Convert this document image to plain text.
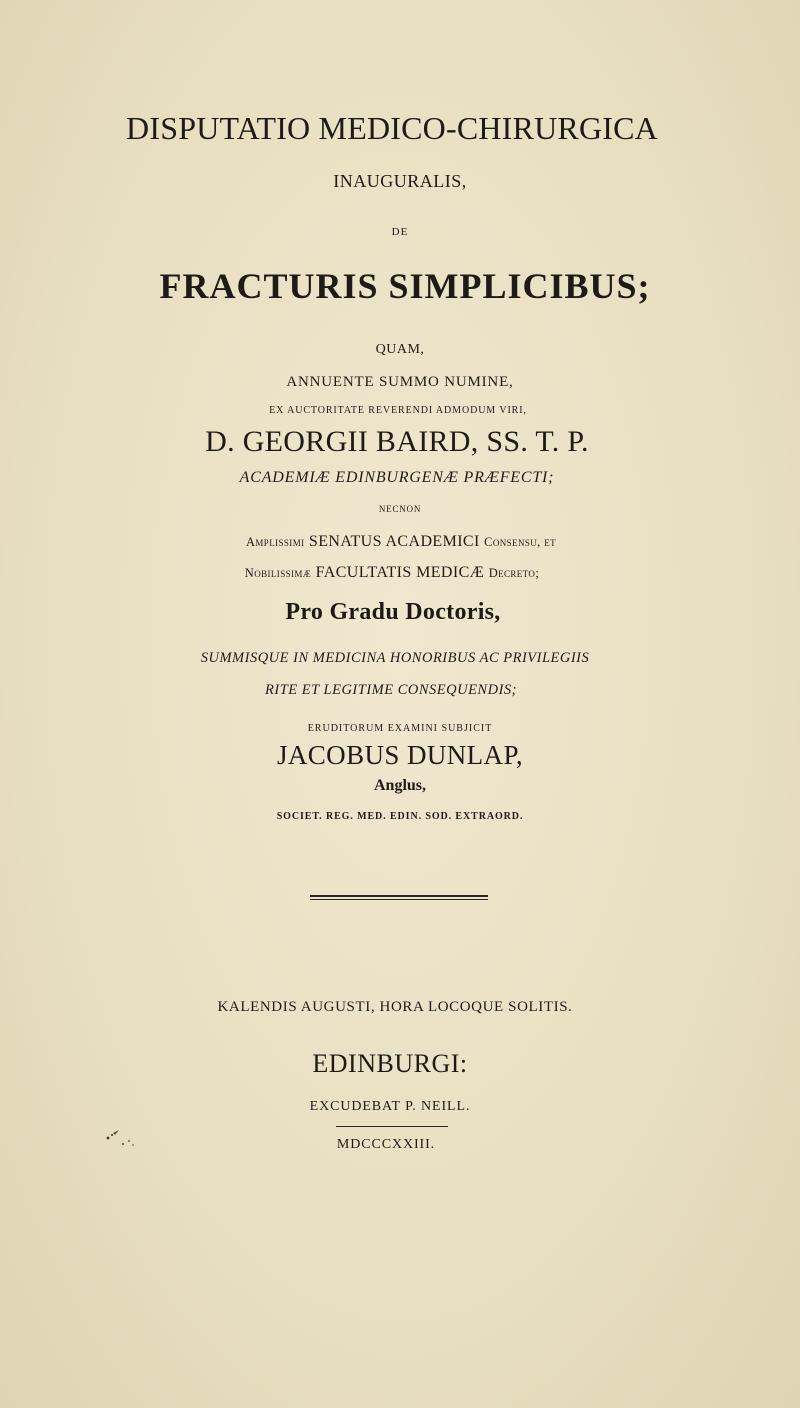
DISPUTATIO MEDICO-CHIRURGICA
INAUGURALIS,
DE
FRACTURIS SIMPLICIBUS;
QUAM,
ANNUENTE SUMMO NUMINE,
EX AUCTORITATE REVERENDI ADMODUM VIRI,
D. GEORGII BAIRD, SS. T. P.
ACADEMIÆ EDINBURGENÆ PRÆFECTI;
NECNON
Amplissimi SENATUS ACADEMICI Consensu, et
Nobilissimæ FACULTATIS MEDICÆ Decreto;
Pro Gradu Doctoris,
SUMMISQUE IN MEDICINA HONORIBUS AC PRIVILEGIIS
RITE ET LEGITIME CONSEQUENDIS;
ERUDITORUM EXAMINI SUBJICIT
JACOBUS DUNLAP,
Anglus,
SOCIET. REG. MED. EDIN. SOD. EXTRAORD.
KALENDIS AUGUSTI, HORA LOCOQUE SOLITIS.
EDINBURGI:
EXCUDEBAT P. NEILL.
MDCCCXXIII.
